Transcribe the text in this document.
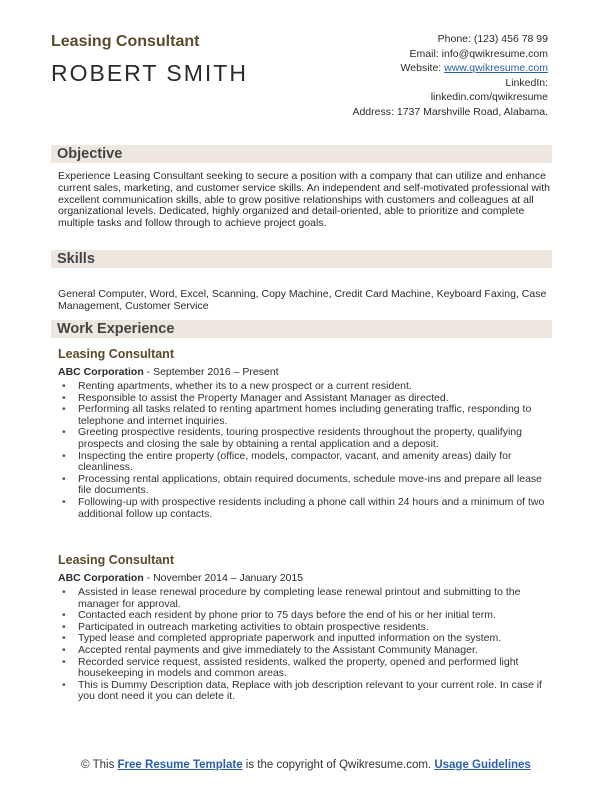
Leasing Consultant
ROBERT SMITH
Phone: (123) 456 78 99
Email: info@qwikresume.com
Website: www.qwikresume.com
LinkedIn:
linkedin.com/qwikresume
Address: 1737 Marshville Road, Alabama.
Objective
Experience Leasing Consultant seeking to secure a position with a company that can utilize and enhance current sales, marketing, and customer service skills. An independent and self-motivated professional with excellent communication skills, able to grow positive relationships with customers and colleagues at all organizational levels. Dedicated, highly organized and detail-oriented, able to prioritize and complete multiple tasks and follow through to achieve project goals.
Skills
General Computer, Word, Excel, Scanning, Copy Machine, Credit Card Machine, Keyboard Faxing, Case Management, Customer Service
Work Experience
Leasing Consultant
ABC Corporation - September 2016 – Present
• Renting apartments, whether its to a new prospect or a current resident.
• Responsible to assist the Property Manager and Assistant Manager as directed.
• Performing all tasks related to renting apartment homes including generating traffic, responding to telephone and internet inquiries.
• Greeting prospective residents, touring prospective residents throughout the property, qualifying prospects and closing the sale by obtaining a rental application and a deposit.
• Inspecting the entire property (office, models, compactor, vacant, and amenity areas) daily for cleanliness.
• Processing rental applications, obtain required documents, schedule move-ins and prepare all lease file documents.
• Following-up with prospective residents including a phone call within 24 hours and a minimum of two additional follow up contacts.
Leasing Consultant
ABC Corporation - November 2014 – January 2015
• Assisted in lease renewal procedure by completing lease renewal printout and submitting to the manager for approval.
• Contacted each resident by phone prior to 75 days before the end of his or her initial term.
• Participated in outreach marketing activities to obtain prospective residents.
• Typed lease and completed appropriate paperwork and inputted information on the system.
• Accepted rental payments and give immediately to the Assistant Community Manager.
• Recorded service request, assisted residents, walked the property, opened and performed light housekeeping in models and common areas.
• This is Dummy Description data, Replace with job description relevant to your current role. In case if you dont need it you can delete it.
© This Free Resume Template is the copyright of Qwikresume.com. Usage Guidelines
